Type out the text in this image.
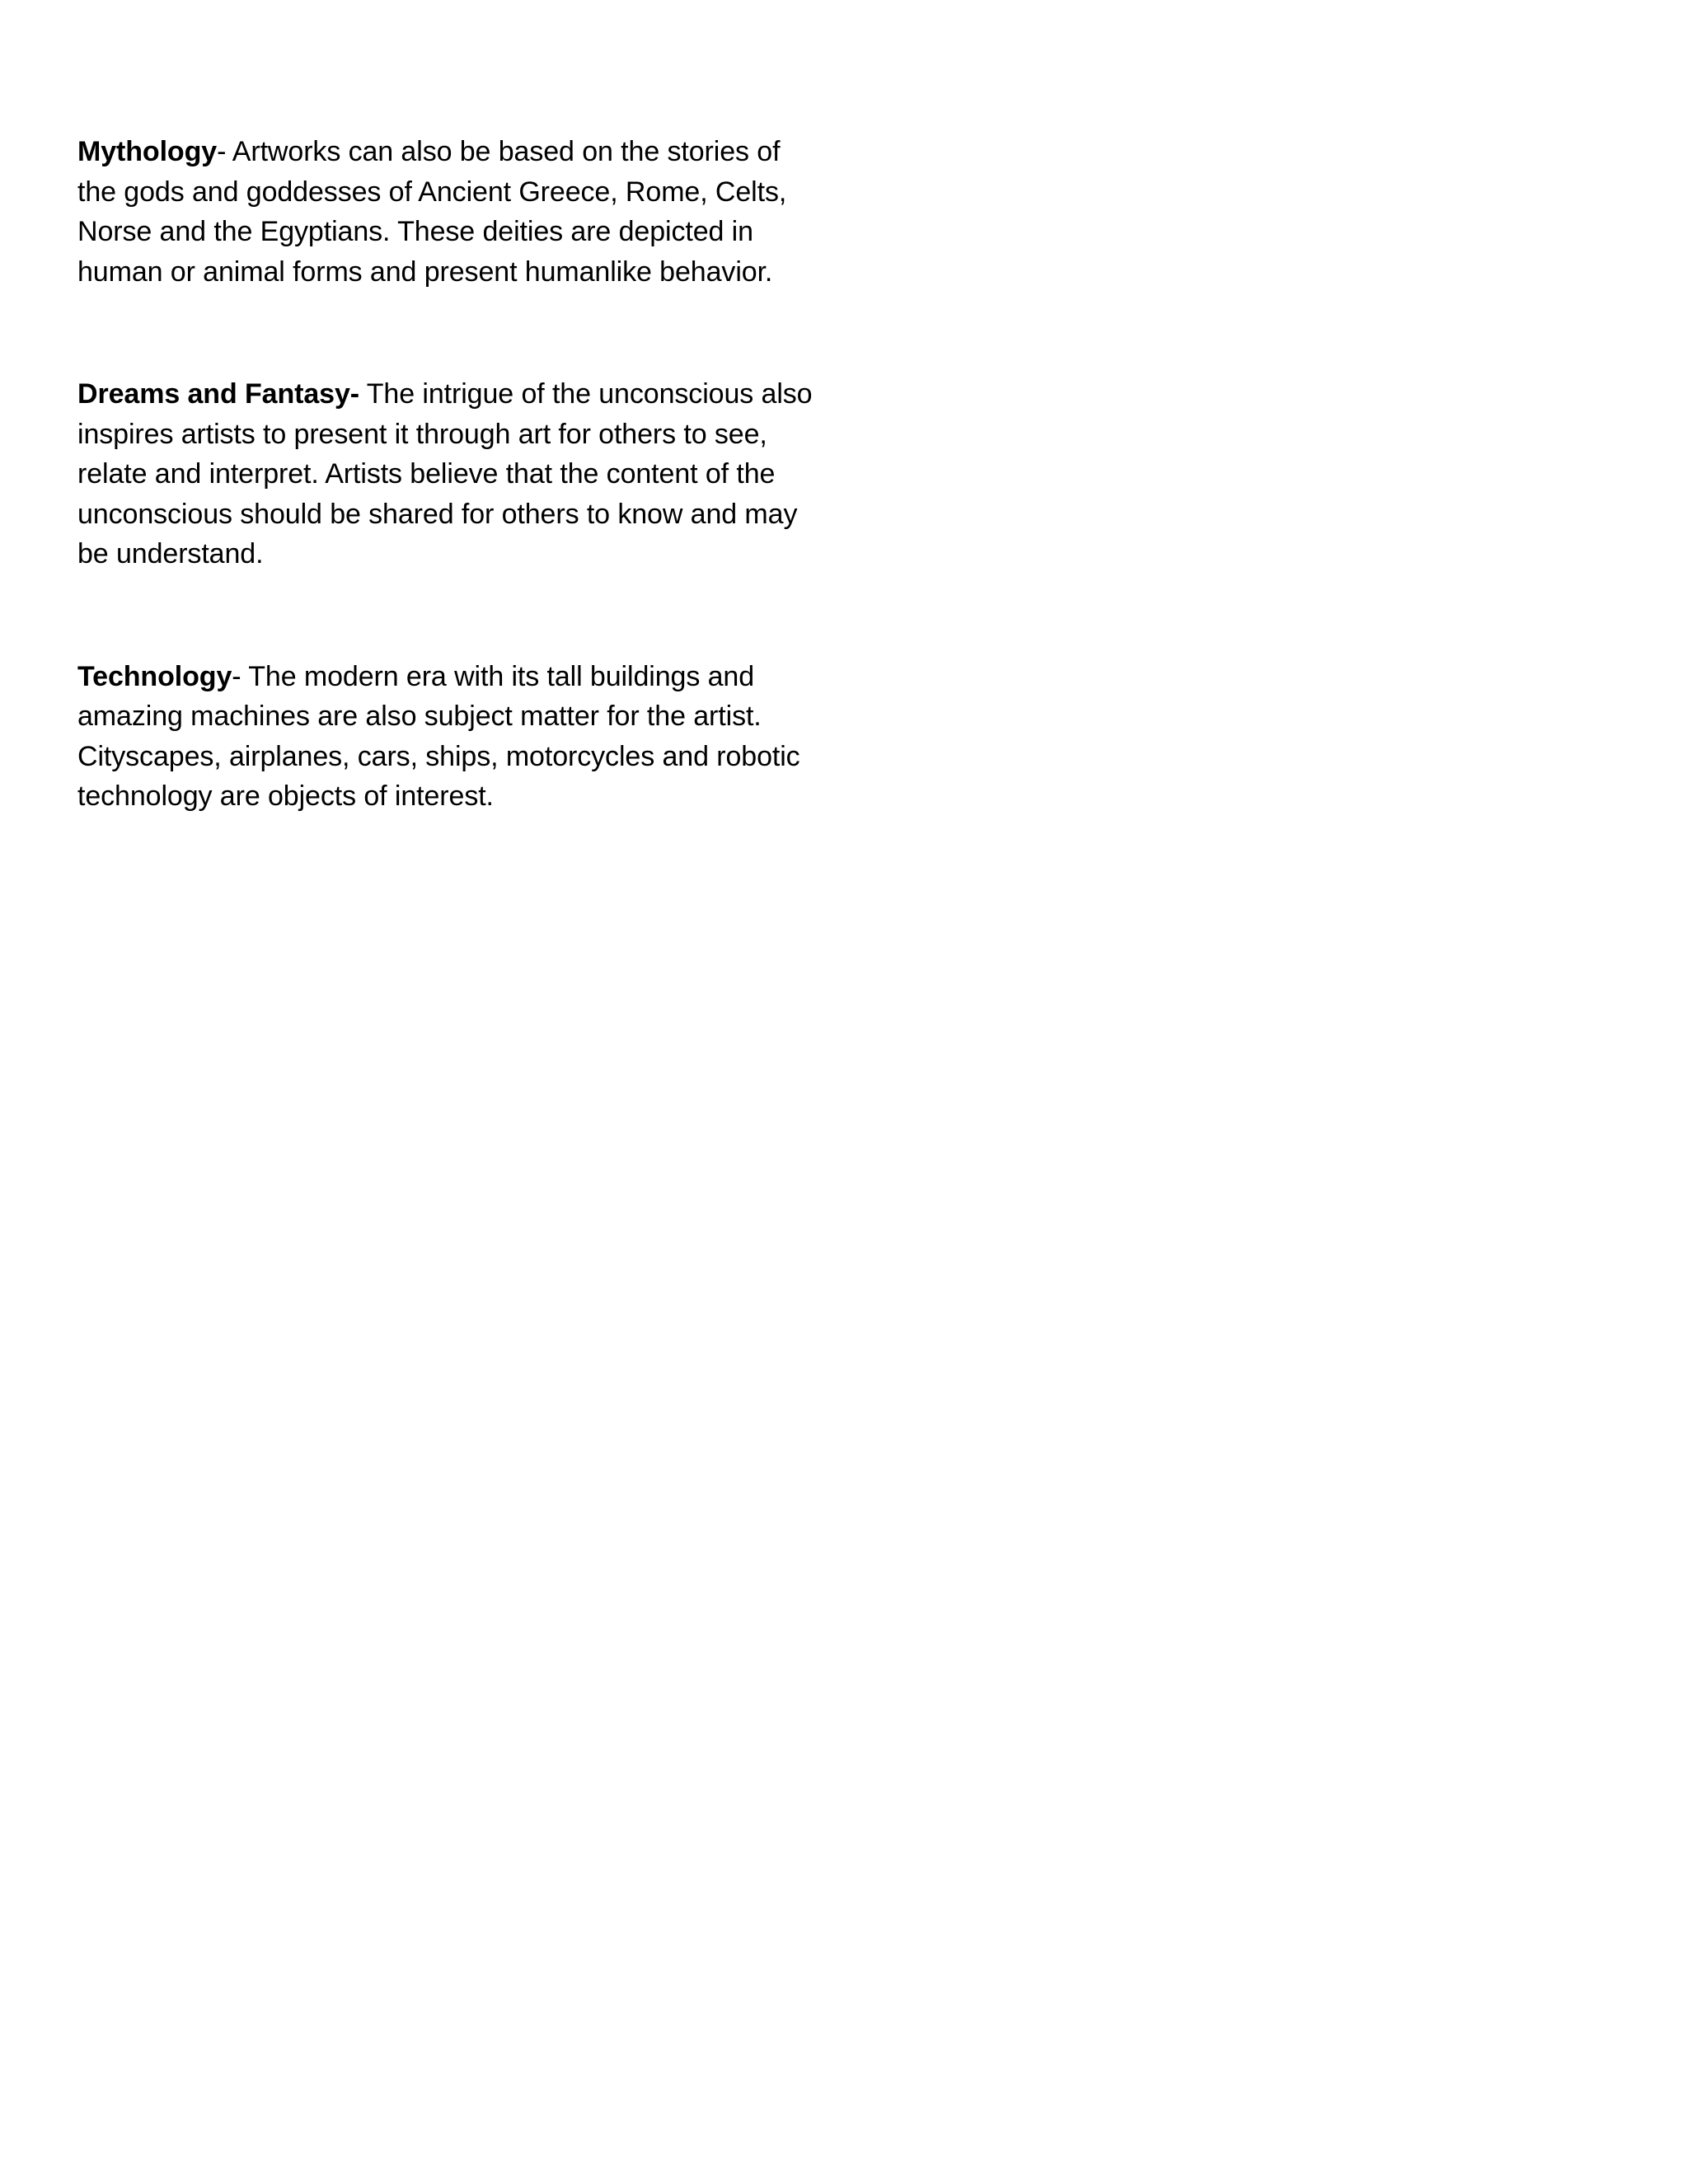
Mythology- Artworks can also be based on the stories of the gods and goddesses of Ancient Greece, Rome, Celts, Norse and the Egyptians. These deities are depicted in human or animal forms and present humanlike behavior.

Dreams and Fantasy- The intrigue of the unconscious also inspires artists to present it through art for others to see, relate and interpret. Artists believe that the content of the unconscious should be shared for others to know and may be understand.

Technology- The modern era with its tall buildings and amazing machines are also subject matter for the artist. Cityscapes, airplanes, cars, ships, motorcycles and robotic technology are objects of interest.
